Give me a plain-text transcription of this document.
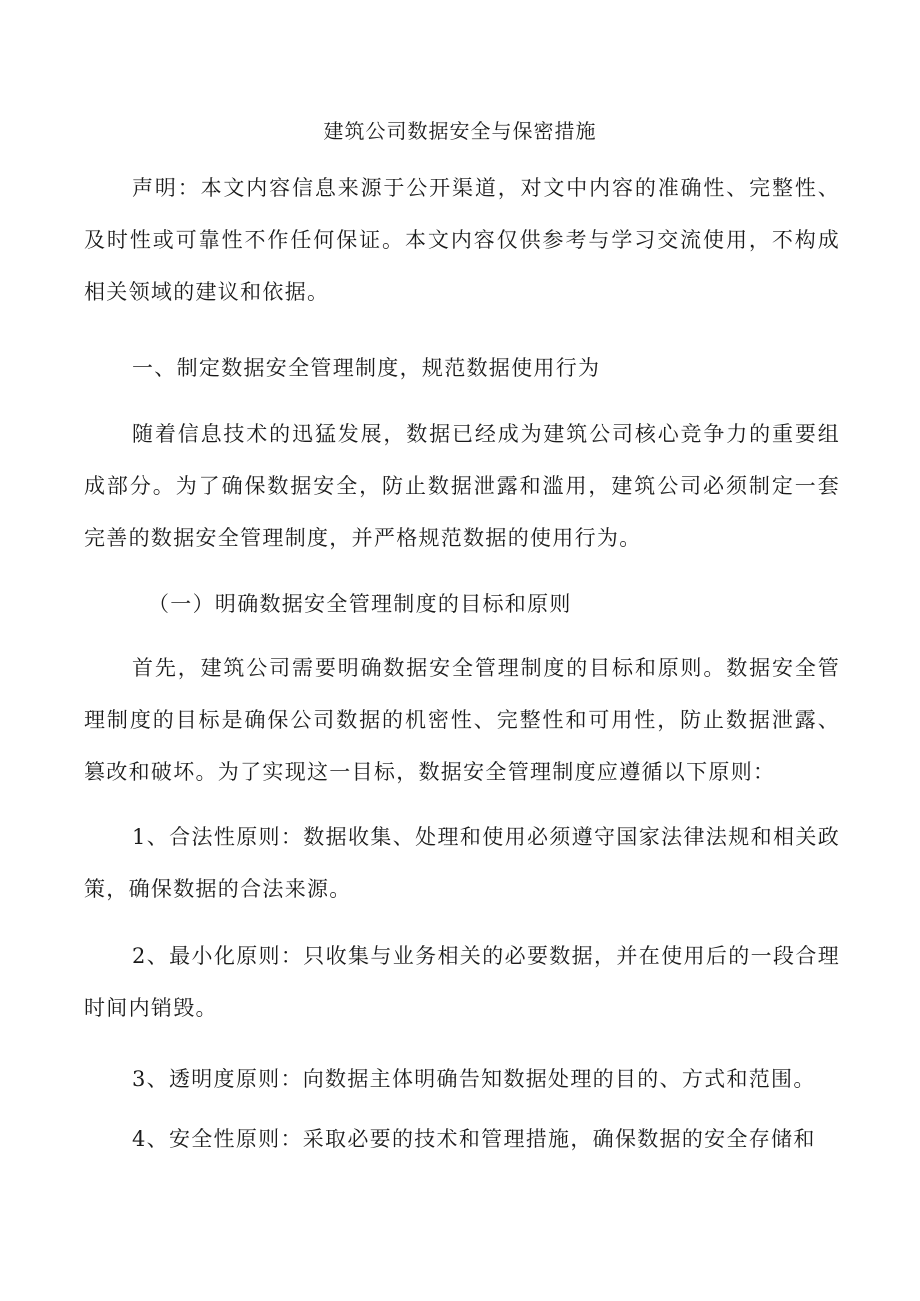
建筑公司数据安全与保密措施

声明：本文内容信息来源于公开渠道，对文中内容的准确性、完整性、及时性或可靠性不作任何保证。本文内容仅供参考与学习交流使用，不构成相关领域的建议和依据。

一、制定数据安全管理制度，规范数据使用行为

随着信息技术的迅猛发展，数据已经成为建筑公司核心竞争力的重要组成部分。为了确保数据安全，防止数据泄露和滥用，建筑公司必须制定一套完善的数据安全管理制度，并严格规范数据的使用行为。

（一）明确数据安全管理制度的目标和原则

首先，建筑公司需要明确数据安全管理制度的目标和原则。数据安全管理制度的目标是确保公司数据的机密性、完整性和可用性，防止数据泄露、篡改和破坏。为了实现这一目标，数据安全管理制度应遵循以下原则：

1、合法性原则：数据收集、处理和使用必须遵守国家法律法规和相关政策，确保数据的合法来源。

2、最小化原则：只收集与业务相关的必要数据，并在使用后的一段合理时间内销毁。

3、透明度原则：向数据主体明确告知数据处理的目的、方式和范围。

4、安全性原则：采取必要的技术和管理措施，确保数据的安全存储和
